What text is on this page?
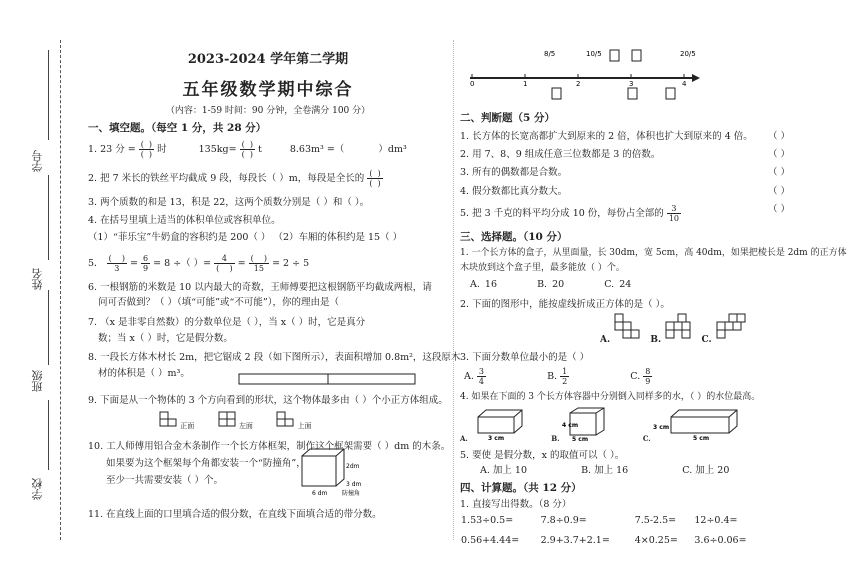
学号
姓名
班级
学校
2023-2024 学年第二学期
五年级数学期中综合
（内容：1-59 时间：90 分钟，全卷满分 100 分）
一、填空题。（每空 1 分，共 28 分）
1. 23 分 = $\frac{( )}{( )}$ 时	$135kg= \frac{( )}{( )}$ t	8.63m³ =（	）dm³
2. 把 7 米长的铁丝平均截成 9 段，每段长（ ）m，每段是全长的 $\frac{( )}{( )}$
3. 两个质数的和是 13，积是 22，这两个质数分别是（ ）和（ ）。
4. 在括号里填上适当的体积单位或容积单位。
（1）“菲乐宝”牛奶盒的容积约是 200（ ） （2）车厢的体积约是 15（ ）
5． $\frac{( )}{3} = \frac{6}{9} = 8$ ÷（ ）= $\frac{4}{( )} = \frac{( )}{15} = 2 \div 5$
6. 一根钢筋的米数是 10 以内最大的奇数，王师傅要把这根钢筋平均截成两根，请
问可否做到？（ ）（填“可能”或“不可能”），你的理由是（
7. （x 是非零自然数）的分数单位是（ ），当 x（ ）时，它是真分
数；当 x（ ）时，它是假分数。
8. 一段长方体木材长 2m，把它锯成 2 段（如下图所示），表面积增加 0.8m²，这段原木
材的体积是（ ）m³。
9. 下面是从一个物体的 3 个方向看到的形状，这个物体最多由（ ）个小正方体组成。
正面	左面	上面
10. 工人师傅用铝合金木条制作一个长方体框架，制作这个框架需要（ ）dm 的木条。
如果要为这个框架每个角都安装一个“防撞角”，
至少一共需要安装（ ）个。
6 dm
3 dm
2dm
防撞角
11. 在直线上面的口里填合适的假分数，在直线下面填合适的带分数。
0	1	2	3	4
8/5	10/5	20/5
二、判断题（5 分）
1. 长方体的长宽高都扩大到原来的 2 倍，体积也扩大到原来的 4 倍。 （ ）
2. 用 7、8、9 组成任意三位数都是 3 的倍数。	（ ）
3. 所有的偶数都是合数。	（ ）
4. 假分数都比真分数大。	（ ）
5. 把 3 千克的料平均分成 10 份，每份占全部的 $\frac{3}{10}$	（ ）
三、选择题。（10 分）
1. 一个长方体的盒子，从里面量，长 30dm，宽 5cm，高 40dm，如果把棱长是 2dm 的正方体
木块放到这个盒子里，最多能放（ ）个。
A. 16	B. 20	C. 24
2. 下面的图形中，能按虚线折成正方体的是（ ）。
A.	B.	C.
3. 下面分数单位最小的是（ ）
A. $\frac{3}{4}$	B. $\frac{1}{2}$	C. $\frac{8}{9}$
4. 如果在下面的 3 个长方体容器中分别倒入同样多的水，（ ）的水位最高。
A.	3 cm	B. 5 cm
4 cm
C.
3 cm
5 cm
5. 要使 是假分数，x 的取值可以（ ）。
A. 加上 10	B. 加上 16	C. 加上 20
四、计算题。（共 12 分）
1. 直接写出得数。（8 分）
1.53÷0.5=	7.8÷0.9=	7.5-2.5=	12÷0.4=
0.56+4.44=	2.9+3.7+2.1=	4×0.25=	3.6÷0.06=
